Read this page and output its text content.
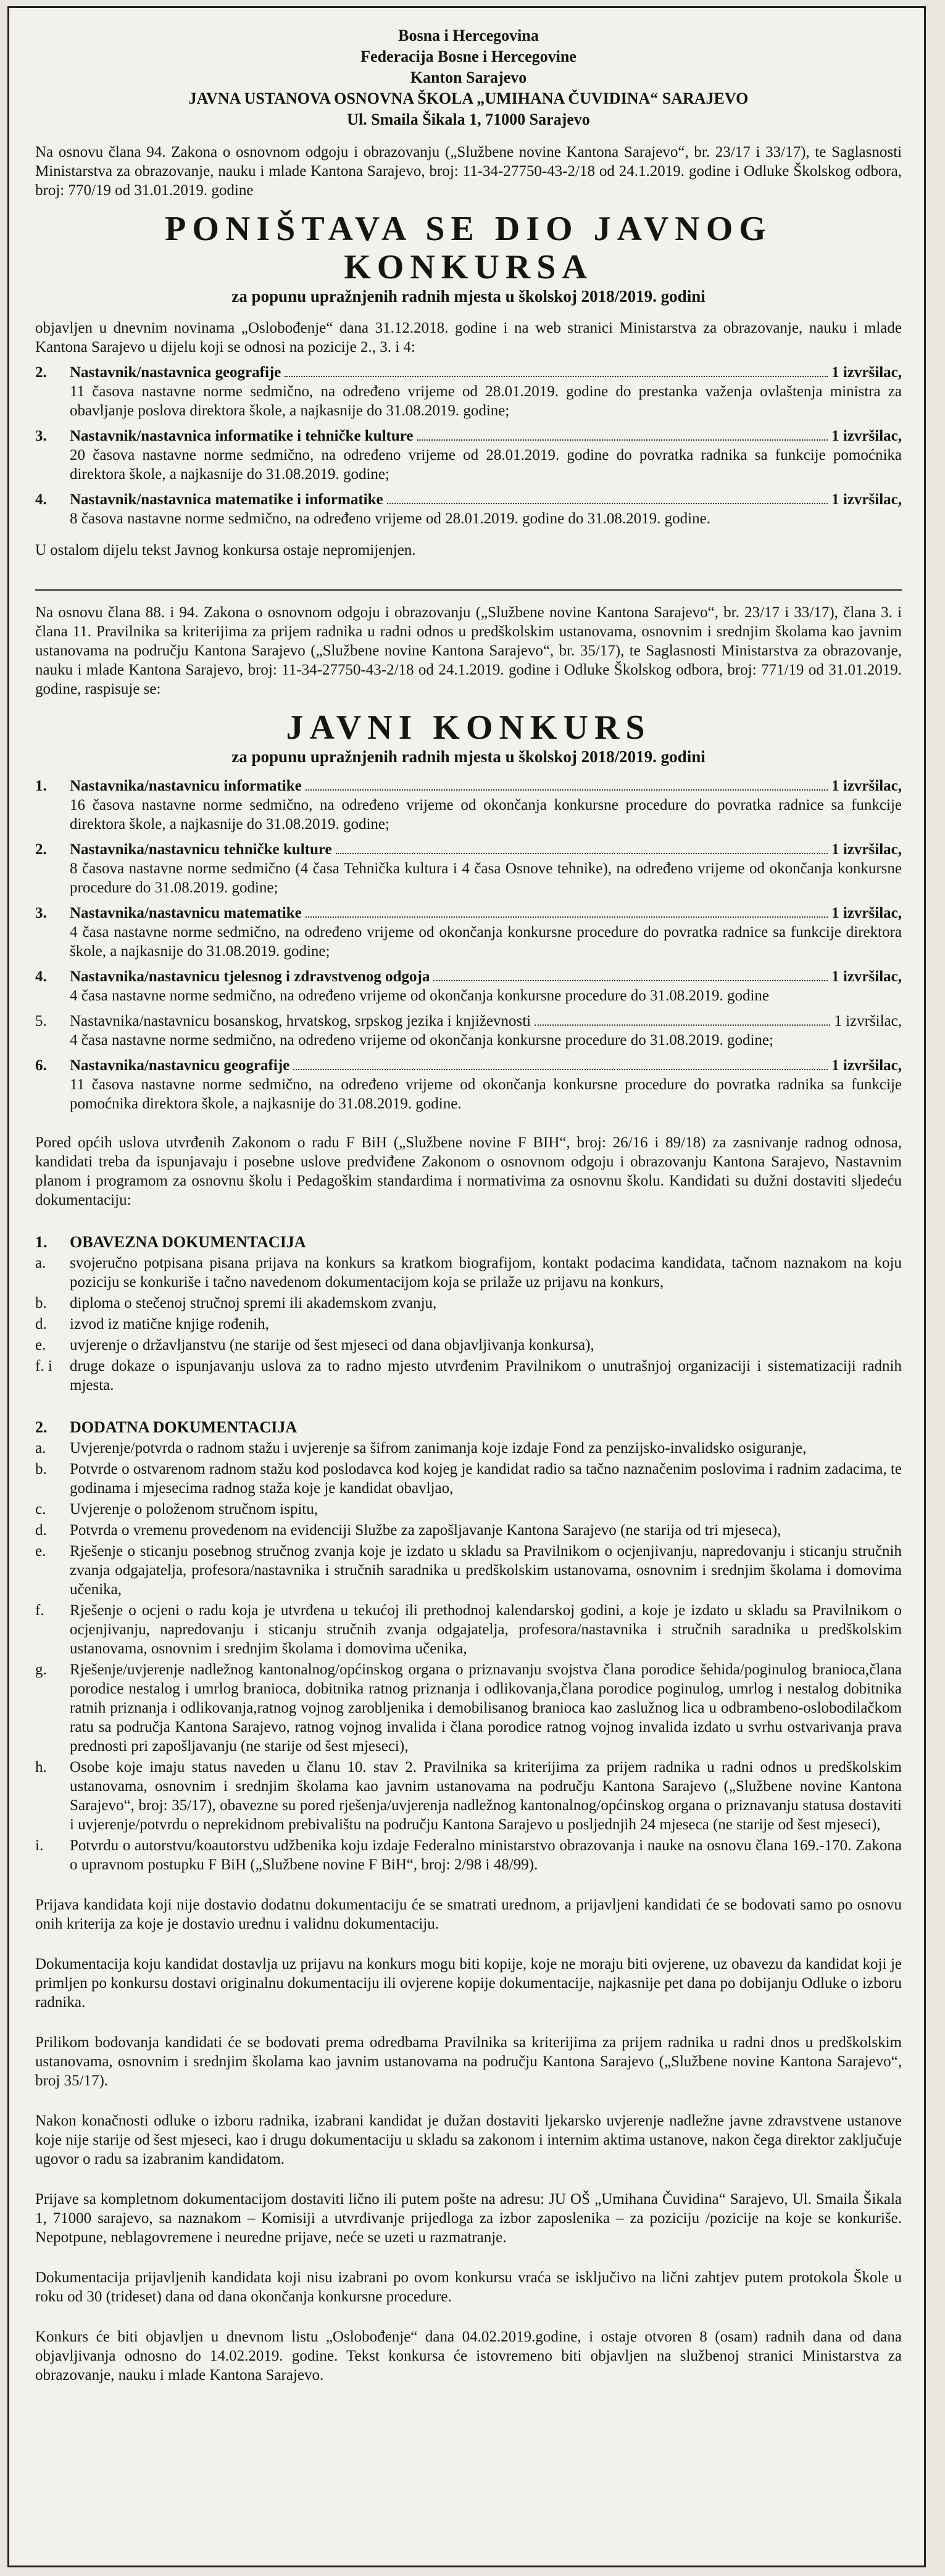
Bosna i Hercegovina

Federacija Bosne i Hercegovine

Kanton Sarajevo

JAVNA USTANOVA OSNOVNA ŠKOLA „UMIHANA ČUVIDINA“ SARAJEVO

Ul. Smaila Šikala 1, 71000 Sarajevo

Na osnovu člana 94. Zakona o osnovnom odgoju i obrazovanju („Službene novine Kantona Sarajevo“, br. 23/17 i 33/17), te Saglasnosti Ministarstva za obrazovanje, nauku i mlade Kantona Sarajevo, broj: 11-34-27750-43-2/18 od 24.1.2019. godine i Odluke Školskog odbora, broj: 770/19 od 31.01.2019. godine

PONIŠTAVA SE DIO JAVNOG KONKURSA

za popunu upražnjenih radnih mjesta u školskoj 2018/2019. godini

objavljen u dnevnim novinama „Oslobođenje“ dana 31.12.2018. godine i na web stranici Ministarstva za obrazovanje, nauku i mlade Kantona Sarajevo u dijelu koji se odnosi na pozicije 2., 3. i 4:

2.	Nastavnik/nastavnica geografije	1 izvršilac,
11 časova nastavne norme sedmično, na određeno vrijeme od 28.01.2019. godine do prestanka važenja ovlaštenja ministra za obavljanje poslova direktora škole, a najkasnije do 31.08.2019. godine;
3.	Nastavnik/nastavnica informatike i tehničke kulture	1 izvršilac,
20 časova nastavne norme sedmično, na određeno vrijeme od 28.01.2019. godine do povratka radnika sa funkcije pomoćnika direktora škole, a najkasnije do 31.08.2019. godine;
4.	Nastavnik/nastavnica matematike i informatike	1 izvršilac,
8 časova nastavne norme sedmično, na određeno vrijeme od 28.01.2019. godine do 31.08.2019. godine.

U ostalom dijelu tekst Javnog konkursa ostaje nepromijenjen.

Na osnovu člana 88. i 94. Zakona o osnovnom odgoju i obrazovanju („Službene novine Kantona Sarajevo“, br. 23/17 i 33/17), člana 3. i člana 11. Pravilnika sa kriterijima za prijem radnika u radni odnos u predškolskim ustanovama, osnovnim i srednjim školama kao javnim ustanovama na području Kantona Sarajevo („Službene novine Kantona Sarajevo“, br. 35/17), te Saglasnosti Ministarstva za obrazovanje, nauku i mlade Kantona Sarajevo, broj: 11-34-27750-43-2/18 od 24.1.2019. godine i Odluke Školskog odbora, broj: 771/19 od 31.01.2019. godine, raspisuje se:

JAVNI KONKURS

za popunu upražnjenih radnih mjesta u školskoj 2018/2019. godini

1.	Nastavnika/nastavnicu informatike	1 izvršilac,
16 časova nastavne norme sedmično, na određeno vrijeme od okončanja konkursne procedure do povratka radnice sa funkcije direktora škole, a najkasnije do 31.08.2019. godine;
2.	Nastavnika/nastavnicu tehničke kulture	1 izvršilac,
8 časova nastavne norme sedmično (4 časa Tehnička kultura i 4 časa Osnove tehnike), na određeno vrijeme od okončanja konkursne procedure do 31.08.2019. godine;
3.	Nastavnika/nastavnicu matematike	1 izvršilac,
4 časa nastavne norme sedmično, na određeno vrijeme od okončanja konkursne procedure do povratka radnice sa funkcije direktora škole, a najkasnije do 31.08.2019. godine;
4.	Nastavnika/nastavnicu tjelesnog i zdravstvenog odgoja	1 izvršilac,
4 časa nastavne norme sedmično, na određeno vrijeme od okončanja konkursne procedure do 31.08.2019. godine
5.	Nastavnika/nastavnicu bosanskog, hrvatskog, srpskog jezika i književnosti	1 izvršilac,
4 časa nastavne norme sedmično, na određeno vrijeme od okončanja konkursne procedure do 31.08.2019. godine;
6.	Nastavnika/nastavnicu geografije	1 izvršilac,
11 časova nastavne norme sedmično, na određeno vrijeme od okončanja konkursne procedure do povratka radnika sa funkcije pomoćnika direktora škole, a najkasnije do 31.08.2019. godine.

Pored općih uslova utvrđenih Zakonom o radu F BiH („Službene novine F BIH“, broj: 26/16 i 89/18) za zasnivanje radnog odnosa, kandidati treba da ispunjavaju i posebne uslove predviđene Zakonom o osnovnom odgoju i obrazovanju Kantona Sarajevo, Nastavnim planom i programom za osnovnu školu i Pedagoškim standardima i normativima za osnovnu školu. Kandidati su dužni dostaviti sljedeću dokumentaciju:

1.	OBAVEZNA DOKUMENTACIJA
a.	svojeručno potpisana pisana prijava na konkurs sa kratkom biografijom, kontakt podacima kandidata, tačnom naznakom na koju poziciju se konkuriše i tačno navedenom dokumentacijom koja se prilaže uz prijavu na konkurs,
b.	diploma o stečenoj stručnoj spremi ili akademskom zvanju,
d.	izvod iz matične knjige rođenih,
e.	uvjerenje o državljanstvu (ne starije od šest mjeseci od dana objavljivanja konkursa),
f. i	druge dokaze o ispunjavanju uslova za to radno mjesto utvrđenim Pravilnikom o unutrašnjoj organizaciji i sistematizaciji radnih mjesta.
2.	DODATNA DOKUMENTACIJA
a.	Uvjerenje/potvrda o radnom stažu i uvjerenje sa šifrom zanimanja koje izdaje Fond za penzijsko-invalidsko osiguranje,
b.	Potvrde o ostvarenom radnom stažu kod poslodavca kod kojeg je kandidat radio sa tačno naznačenim poslovima i radnim zadacima, te godinama i mjesecima radnog staža koje je kandidat obavljao,
c.	Uvjerenje o položenom stručnom ispitu,
d.	Potvrda o vremenu provedenom na evidenciji Službe za zapošljavanje Kantona Sarajevo (ne starija od tri mjeseca),
e.	Rješenje o sticanju posebnog stručnog zvanja koje je izdato u skladu sa Pravilnikom o ocjenjivanju, napredovanju i sticanju stručnih zvanja odgajatelja, profesora/nastavnika i stručnih saradnika u predškolskim ustanovama, osnovnim i srednjim školama i domovima učenika,
f.	Rješenje o ocjeni o radu koja je utvrđena u tekućoj ili prethodnoj kalendarskoj godini, a koje je izdato u skladu sa Pravilnikom o ocjenjivanju, napredovanju i sticanju stručnih zvanja odgajatelja, profesora/nastavnika i stručnih saradnika u predškolskim ustanovama, osnovnim i srednjim školama i domovima učenika,
g.	Rješenje/uvjerenje nadležnog kantonalnog/općinskog organa o priznavanju svojstva člana porodice šehida/poginulog branioca,člana porodice nestalog i umrlog branioca, dobitnika ratnog priznanja i odlikovanja,člana porodice poginulog, umrlog i nestalog dobitnika ratnih priznanja i odlikovanja,ratnog vojnog zarobljenika i demobilisanog branioca kao zaslužnog lica u odbrambeno-oslobodilačkom ratu sa područja Kantona Sarajevo, ratnog vojnog invalida i člana porodice ratnog vojnog invalida izdato u svrhu ostvarivanja prava prednosti pri zapošljavanju (ne starije od šest mjeseci),
h.	Osobe koje imaju status naveden u članu 10. stav 2. Pravilnika sa kriterijima za prijem radnika u radni odnos u predškolskim ustanovama, osnovnim i srednjim školama kao javnim ustanovama na području Kantona Sarajevo („Službene novine Kantona Sarajevo“, broj: 35/17), obavezne su pored rješenja/uvjerenja nadležnog kantonalnog/općinskog organa o priznavanju statusa dostaviti i uvjerenje/potvrdu o neprekidnom prebivalištu na području Kantona Sarajevo u posljednjih 24 mjeseca (ne starije od šest mjeseci),
i.	Potvrdu o autorstvu/koautorstvu udžbenika koju izdaje Federalno ministarstvo obrazovanja i nauke na osnovu člana 169.-170. Zakona o upravnom postupku F BiH („Službene novine F BiH“, broj: 2/98 i 48/99).

Prijava kandidata koji nije dostavio dodatnu dokumentaciju će se smatrati urednom, a prijavljeni kandidati će se bodovati samo po osnovu onih kriterija za koje je dostavio urednu i validnu dokumentaciju.

Dokumentacija koju kandidat dostavlja uz prijavu na konkurs mogu biti kopije, koje ne moraju biti ovjerene, uz obavezu da kandidat koji je primljen po konkursu dostavi originalnu dokumentaciju ili ovjerene kopije dokumentacije, najkasnije pet dana po dobijanju Odluke o izboru radnika.

Prilikom bodovanja kandidati će se bodovati prema odredbama Pravilnika sa kriterijima za prijem radnika u radni dnos u predškolskim ustanovama, osnovnim i srednjim školama kao javnim ustanovama na području Kantona Sarajevo („Službene novine Kantona Sarajevo“, broj 35/17).

Nakon konačnosti odluke o izboru radnika, izabrani kandidat je dužan dostaviti ljekarsko uvjerenje nadležne javne zdravstvene ustanove koje nije starije od šest mjeseci, kao i drugu dokumentaciju u skladu sa zakonom i internim aktima ustanove, nakon čega direktor zaključuje ugovor o radu sa izabranim kandidatom.

Prijave sa kompletnom dokumentacijom dostaviti lično ili putem pošte na adresu: JU OŠ „Umihana Čuvidina“ Sarajevo, Ul. Smaila Šikala 1, 71000 sarajevo, sa naznakom – Komisiji a utvrđivanje prijedloga za izbor zaposlenika – za poziciju /pozicije na koje se konkuriše. Nepotpune, neblagovremene i neuredne prijave, neće se uzeti u razmatranje.

Dokumentacija prijavljenih kandidata koji nisu izabrani po ovom konkursu vraća se isključivo na lični zahtjev putem protokola Škole u roku od 30 (trideset) dana od dana okončanja konkursne procedure.

Konkurs će biti objavljen u dnevnom listu „Oslobođenje“ dana 04.02.2019.godine, i ostaje otvoren 8 (osam) radnih dana od dana objavljivanja odnosno do 14.02.2019. godine. Tekst konkursa će istovremeno biti objavljen na službenoj stranici Ministarstva za obrazovanje, nauku i mlade Kantona Sarajevo.
